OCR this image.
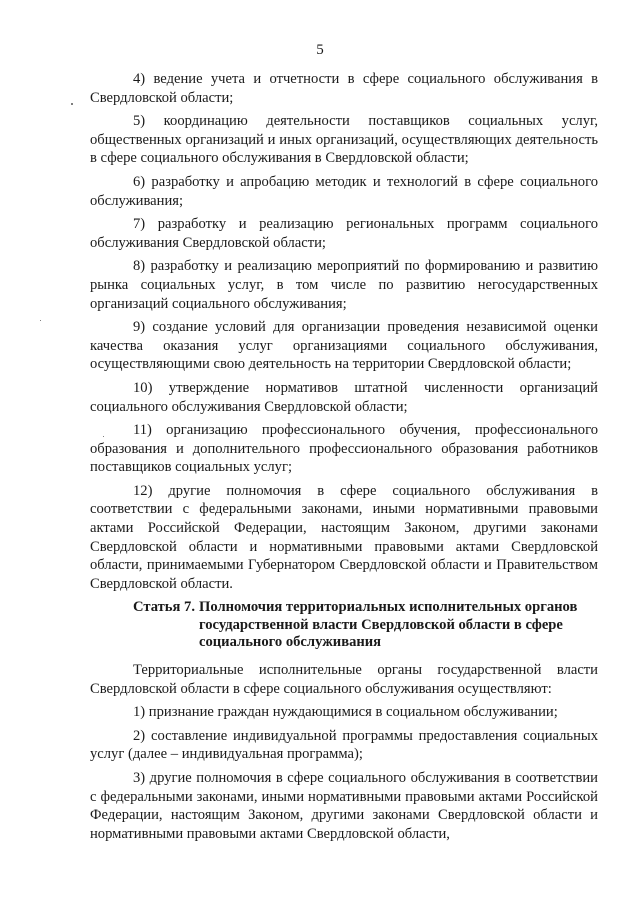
5

4) ведение учета и отчетности в сфере социального обслуживания в Свердловской области;

5) координацию деятельности поставщиков социальных услуг, общественных организаций и иных организаций, осуществляющих деятельность в сфере социального обслуживания в Свердловской области;

6) разработку и апробацию методик и технологий в сфере социального обслуживания;

7) разработку и реализацию региональных программ социального обслуживания Свердловской области;

8) разработку и реализацию мероприятий по формированию и развитию рынка социальных услуг, в том числе по развитию негосударственных организаций социального обслуживания;

9) создание условий для организации проведения независимой оценки качества оказания услуг организациями социального обслуживания, осуществляющими свою деятельность на территории Свердловской области;

10) утверждение нормативов штатной численности организаций социального обслуживания Свердловской области;

11) организацию профессионального обучения, профессионального образования и дополнительного профессионального образования работников поставщиков социальных услуг;

12) другие полномочия в сфере социального обслуживания в соответствии с федеральными законами, иными нормативными правовыми актами Российской Федерации, настоящим Законом, другими законами Свердловской области и нормативными правовыми актами Свердловской области, принимаемыми Губернатором Свердловской области и Правительством Свердловской области.

Статья 7. Полномочия территориальных исполнительных органов государственной власти Свердловской области в сфере социального обслуживания

Территориальные исполнительные органы государственной власти Свердловской области в сфере социального обслуживания осуществляют:

1) признание граждан нуждающимися в социальном обслуживании;

2) составление индивидуальной программы предоставления социальных услуг (далее – индивидуальная программа);

3) другие полномочия в сфере социального обслуживания в соответствии с федеральными законами, иными нормативными правовыми актами Российской Федерации, настоящим Законом, другими законами Свердловской области и нормативными правовыми актами Свердловской области,
